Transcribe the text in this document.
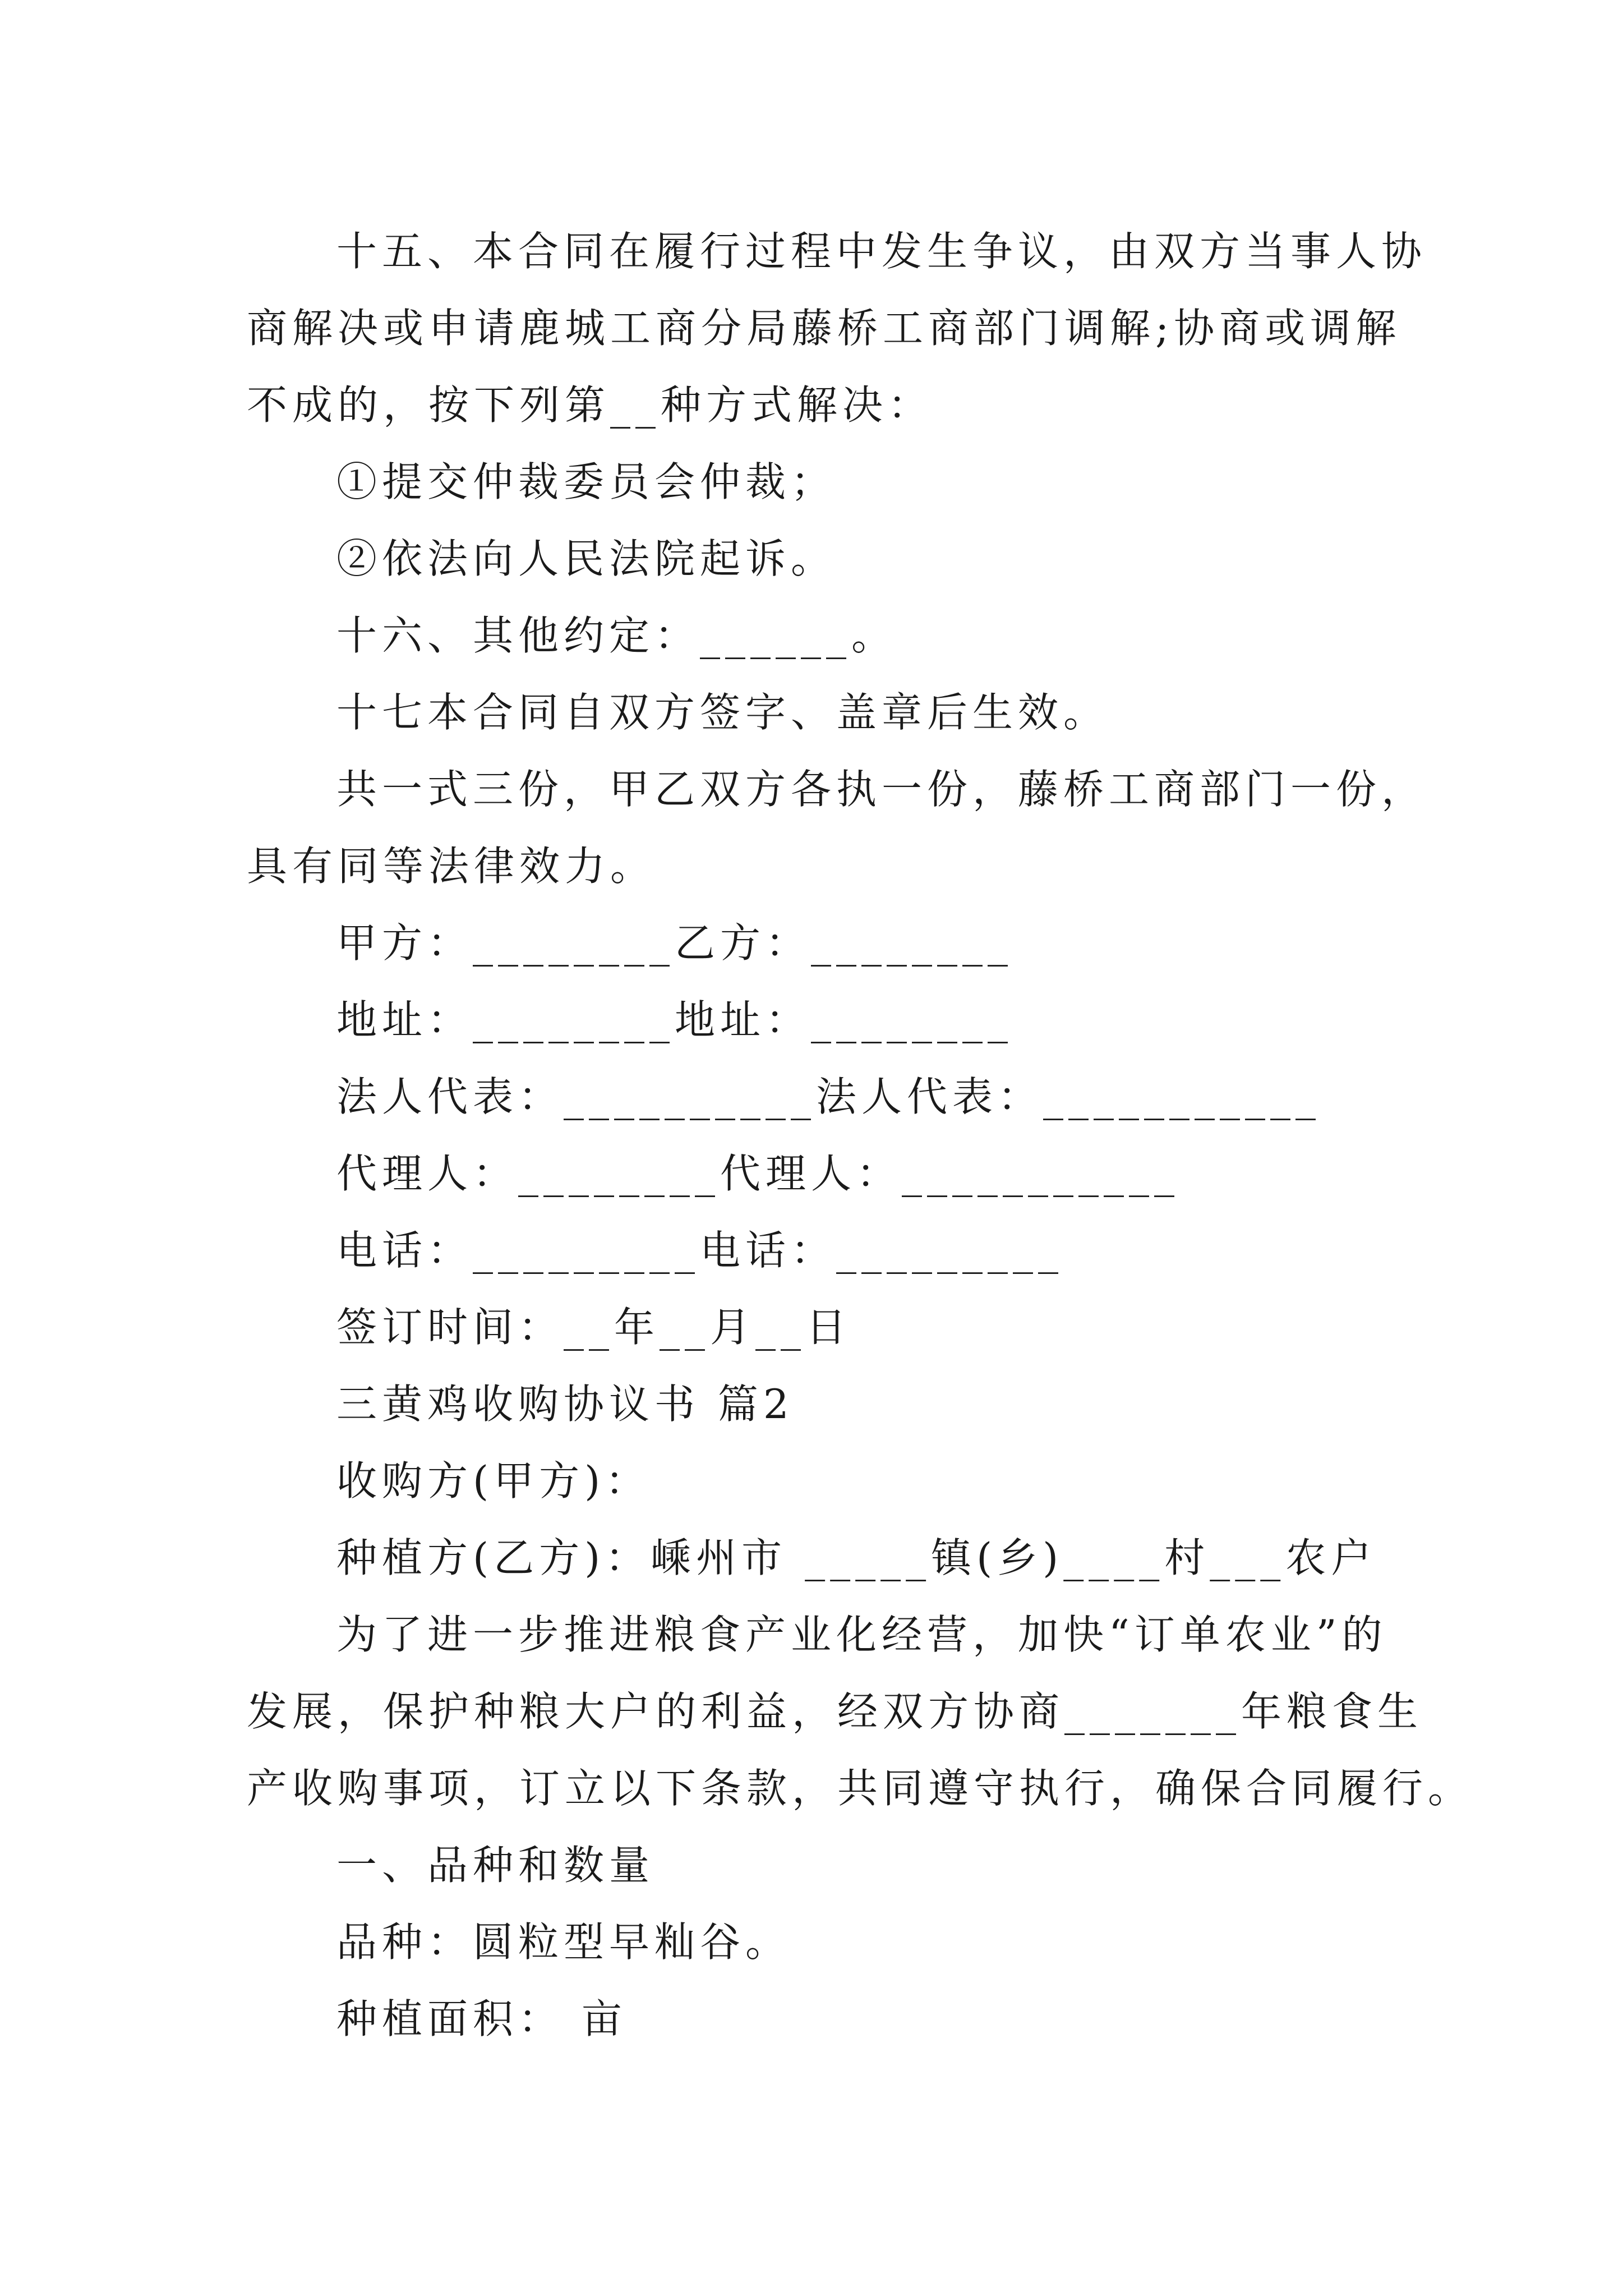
十五、本合同在履行过程中发生争议，由双方当事人协
商解决或申请鹿城工商分局藤桥工商部门调解;协商或调解
不成的，按下列第__种方式解决：
①提交仲裁委员会仲裁；
②依法向人民法院起诉。
十六、其他约定：______。
十七本合同自双方签字、盖章后生效。
共一式三份，甲乙双方各执一份，藤桥工商部门一份，
具有同等法律效力。
甲方：________乙方：________
地址：________地址：________
法人代表：__________法人代表：___________
代理人：________代理人：___________
电话：_________电话：_________
签订时间：__年__月__日
三黄鸡收购协议书 篇2
收购方(甲方)：
种植方(乙方)：嵊州市 _____镇(乡)____村___农户
为了进一步推进粮食产业化经营，加快“订单农业”的
发展，保护种粮大户的利益，经双方协商_______年粮食生
产收购事项，订立以下条款，共同遵守执行，确保合同履行。
一、品种和数量
品种：圆粒型早籼谷。
种植面积： 亩
